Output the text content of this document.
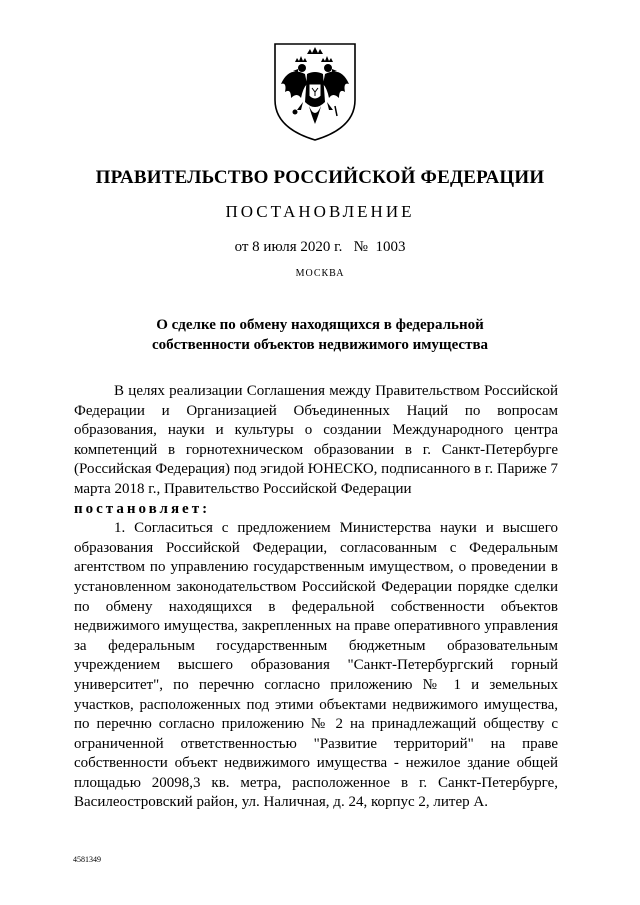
ПРАВИТЕЛЬСТВО РОССИЙСКОЙ ФЕДЕРАЦИИ
ПОСТАНОВЛЕНИЕ
от 8 июля 2020 г. № 1003
МОСКВА
О сделке по обмену находящихся в федеральной
собственности объектов недвижимого имущества

В целях реализации Соглашения между Правительством Российской Федерации и Организацией Объединенных Наций по вопросам образования, науки и культуры о создании Международного центра компетенций в горнотехническом образовании в г. Санкт-Петербурге (Российская Федерация) под эгидой ЮНЕСКО, подписанного в г. Париже 7 марта 2018 г., Правительство Российской Федерации

постановляет:

1. Согласиться с предложением Министерства науки и высшего образования Российской Федерации, согласованным с Федеральным агентством по управлению государственным имуществом, о проведении в установленном законодательством Российской Федерации порядке сделки по обмену находящихся в федеральной собственности объектов недвижимого имущества, закрепленных на праве оперативного управления за федеральным государственным бюджетным образовательным учреждением высшего образования "Санкт-Петербургский горный университет", по перечню согласно приложению № 1 и земельных участков, расположенных под этими объектами недвижимого имущества, по перечню согласно приложению № 2 на принадлежащий обществу с ограниченной ответственностью "Развитие территорий" на праве собственности объект недвижимого имущества - нежилое здание общей площадью 20098,3 кв. метра, расположенное в г. Санкт-Петербурге, Василеостровский район, ул. Наличная, д. 24, корпус 2, литер А.

4581349
